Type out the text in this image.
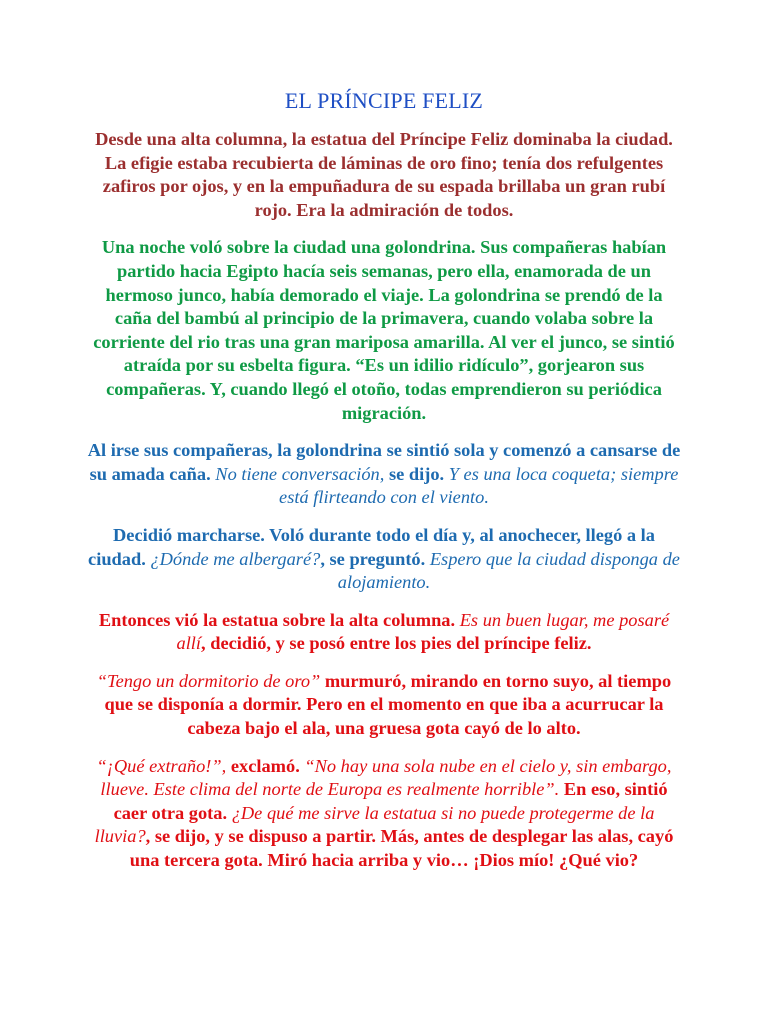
EL PRÍNCIPE FELIZ

Desde una alta columna, la estatua del Príncipe Feliz dominaba la ciudad. La efigie estaba recubierta de láminas de oro fino; tenía dos refulgentes zafiros por ojos, y en la empuñadura de su espada brillaba un gran rubí rojo. Era la admiración de todos.

Una noche voló sobre la ciudad una golondrina. Sus compañeras habían partido hacia Egipto hacía seis semanas, pero ella, enamorada de un hermoso junco, había demorado el viaje. La golondrina se prendó de la caña del bambú al principio de la primavera, cuando volaba sobre la corriente del rio tras una gran mariposa amarilla. Al ver el junco, se sintió atraída por su esbelta figura. “Es un idilio ridículo”, gorjearon sus compañeras. Y, cuando llegó el otoño, todas emprendieron su periódica migración.

Al irse sus compañeras, la golondrina se sintió sola y comenzó a cansarse de su amada caña. No tiene conversación, se dijo. Y es una loca coqueta; siempre está flirteando con el viento.

Decidió marcharse. Voló durante todo el día y, al anochecer, llegó a la ciudad. ¿Dónde me albergaré?, se preguntó. Espero que la ciudad disponga de alojamiento.

Entonces vió la estatua sobre la alta columna. Es un buen lugar, me posaré allí, decidió, y se posó entre los pies del príncipe feliz.

“Tengo un dormitorio de oro” murmuró, mirando en torno suyo, al tiempo que se disponía a dormir. Pero en el momento en que iba a acurrucar la cabeza bajo el ala, una gruesa gota cayó de lo alto.

“¡Qué extraño!”, exclamó. “No hay una sola nube en el cielo y, sin embargo, llueve. Este clima del norte de Europa es realmente horrible”. En eso, sintió caer otra gota. ¿De qué me sirve la estatua si no puede protegerme de la lluvia?, se dijo, y se dispuso a partir. Más, antes de desplegar las alas, cayó una tercera gota. Miró hacia arriba y vio… ¡Dios mío! ¿Qué vio?
